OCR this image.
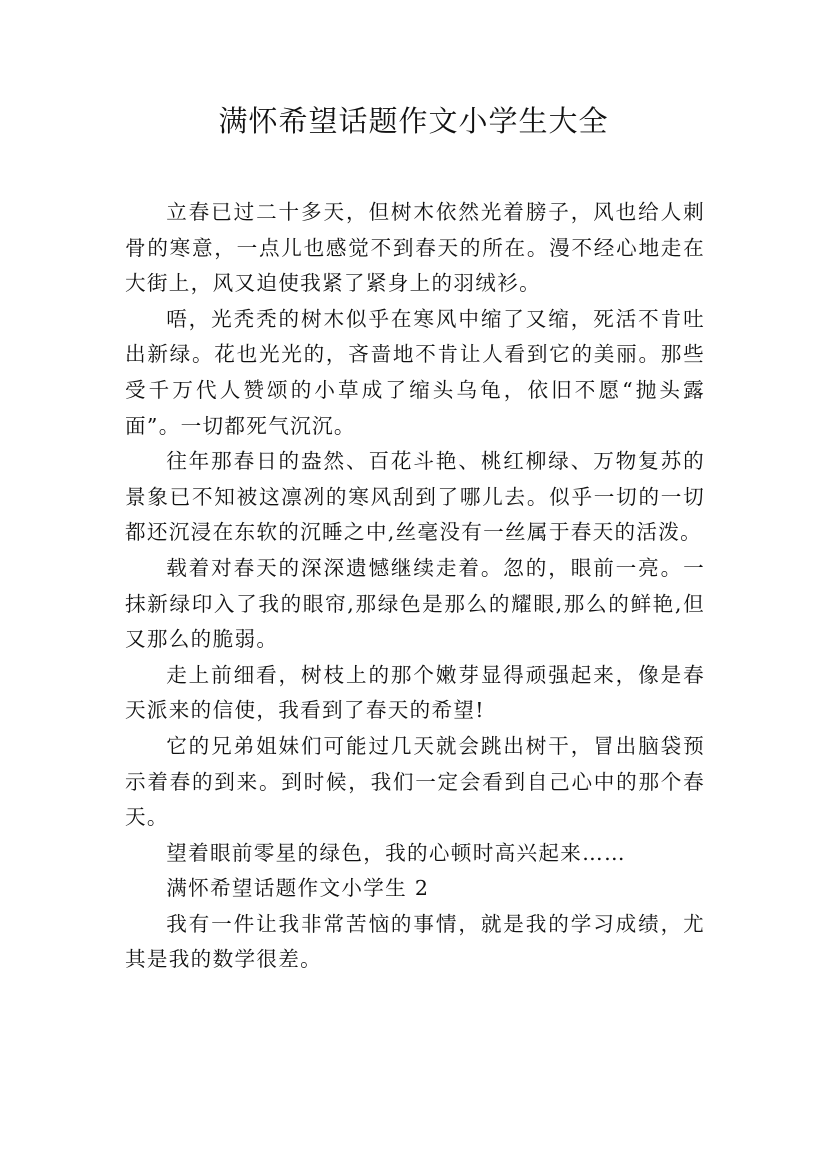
满怀希望话题作文小学生大全

立春已过二十多天，但树木依然光着膀子，风也给人刺骨的寒意，一点儿也感觉不到春天的所在。漫不经心地走在大街上，风又迫使我紧了紧身上的羽绒衫。

唔，光秃秃的树木似乎在寒风中缩了又缩，死活不肯吐出新绿。花也光光的，吝啬地不肯让人看到它的美丽。那些受千万代人赞颂的小草成了缩头乌龟，依旧不愿“抛头露面”。一切都死气沉沉。

往年那春日的盎然、百花斗艳、桃红柳绿、万物复苏的景象已不知被这凛冽的寒风刮到了哪儿去。似乎一切的一切都还沉浸在东软的沉睡之中,丝毫没有一丝属于春天的活泼。

载着对春天的深深遗憾继续走着。忽的，眼前一亮。一抹新绿印入了我的眼帘,那绿色是那么的耀眼,那么的鲜艳,但又那么的脆弱。

走上前细看，树枝上的那个嫩芽显得顽强起来，像是春天派来的信使，我看到了春天的希望!

它的兄弟姐妹们可能过几天就会跳出树干，冒出脑袋预示着春的到来。到时候，我们一定会看到自己心中的那个春天。

望着眼前零星的绿色，我的心顿时高兴起来……

满怀希望话题作文小学生 2

我有一件让我非常苦恼的事情，就是我的学习成绩，尤其是我的数学很差。
